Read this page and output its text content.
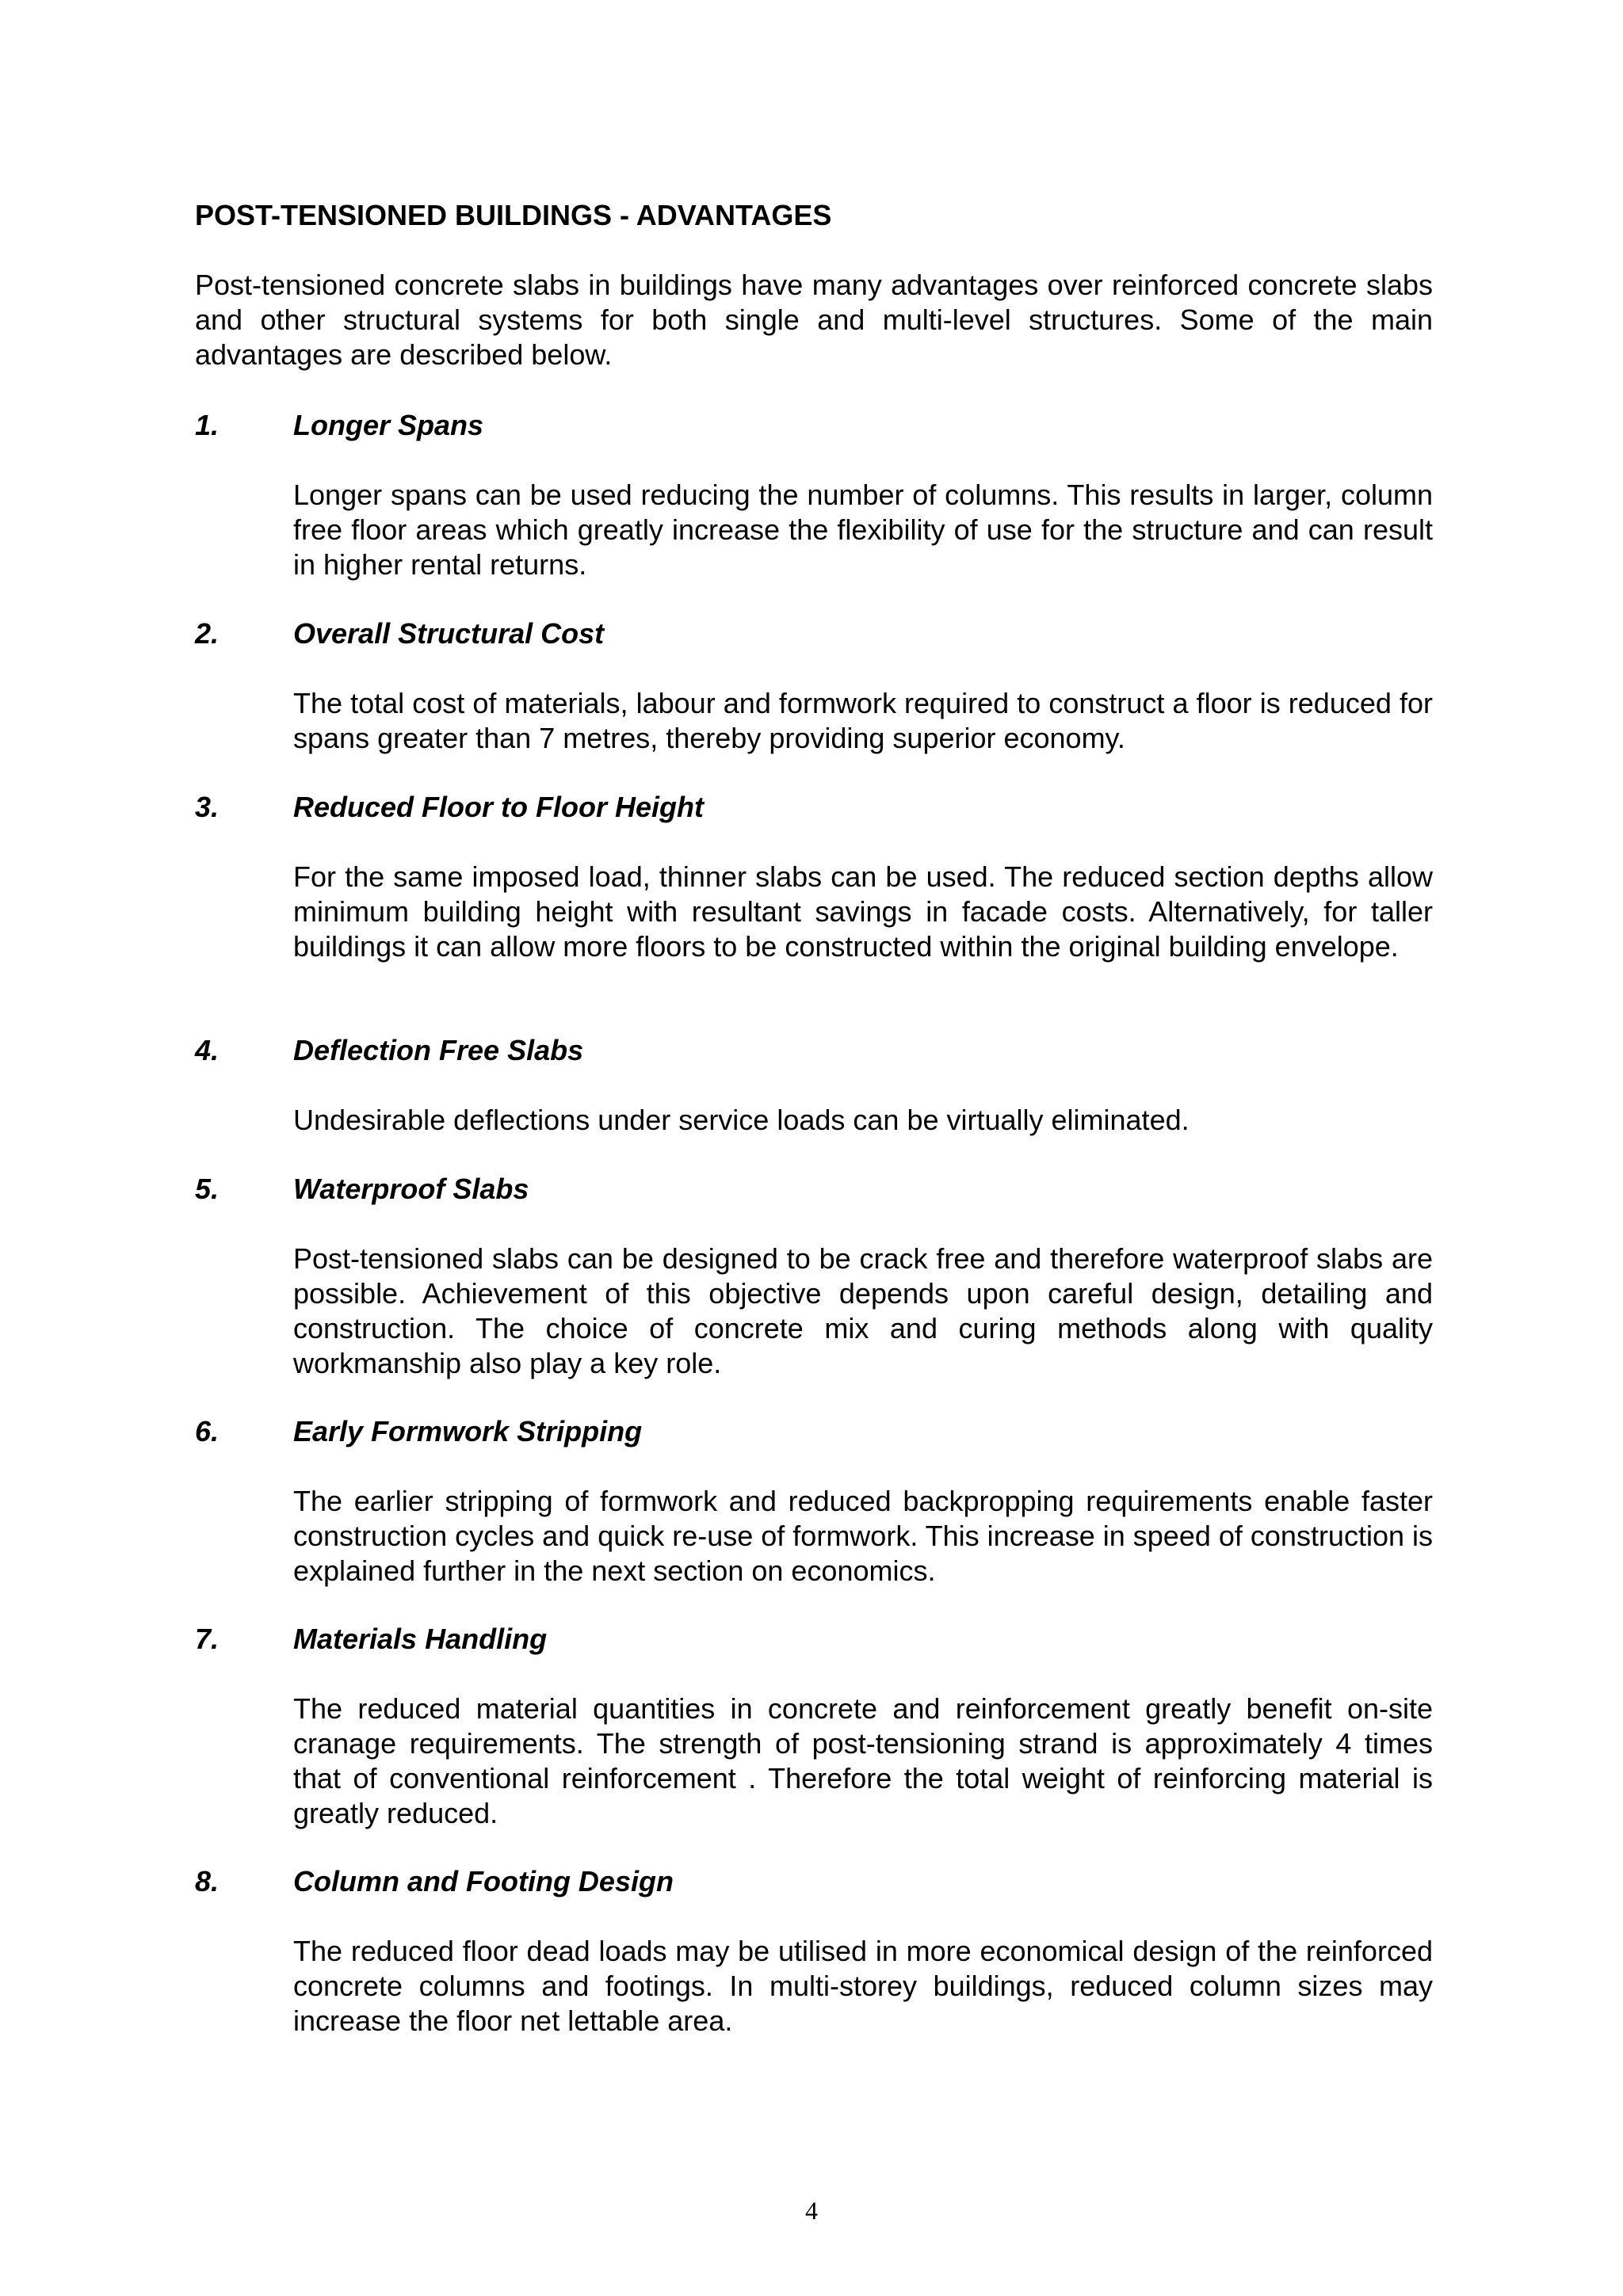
POST-TENSIONED BUILDINGS - ADVANTAGES

Post-tensioned concrete slabs in buildings have many advantages over reinforced concrete slabs and other structural systems for both single and multi-level structures. Some of the main advantages are described below.

1.	Longer Spans

Longer spans can be used reducing the number of columns. This results in larger, column free floor areas which greatly increase the flexibility of use for the structure and can result in higher rental returns.

2.	Overall Structural Cost

The total cost of materials, labour and formwork required to construct a floor is reduced for spans greater than 7 metres, thereby providing superior economy.

3.	Reduced Floor to Floor Height

For the same imposed load, thinner slabs can be used. The reduced section depths allow minimum building height with resultant savings in facade costs. Alternatively, for taller buildings it can allow more floors to be constructed within the original building envelope.

4.	Deflection Free Slabs

Undesirable deflections under service loads can be virtually eliminated.

5.	Waterproof Slabs

Post-tensioned slabs can be designed to be crack free and therefore waterproof slabs are possible. Achievement of this objective depends upon careful design, detailing and construction. The choice of concrete mix and curing methods along with quality workmanship also play a key role.

6.	Early Formwork Stripping

The earlier stripping of formwork and reduced backpropping requirements enable faster construction cycles and quick re-use of formwork. This increase in speed of construction is explained further in the next section on economics.

7.	Materials Handling

The reduced material quantities in concrete and reinforcement greatly benefit on-site cranage requirements. The strength of post-tensioning strand is approximately 4 times that of conventional reinforcement . Therefore the total weight of reinforcing material is greatly reduced.

8.	Column and Footing Design

The reduced floor dead loads may be utilised in more economical design of the reinforced concrete columns and footings. In multi-storey buildings, reduced column sizes may increase the floor net lettable area.

4
